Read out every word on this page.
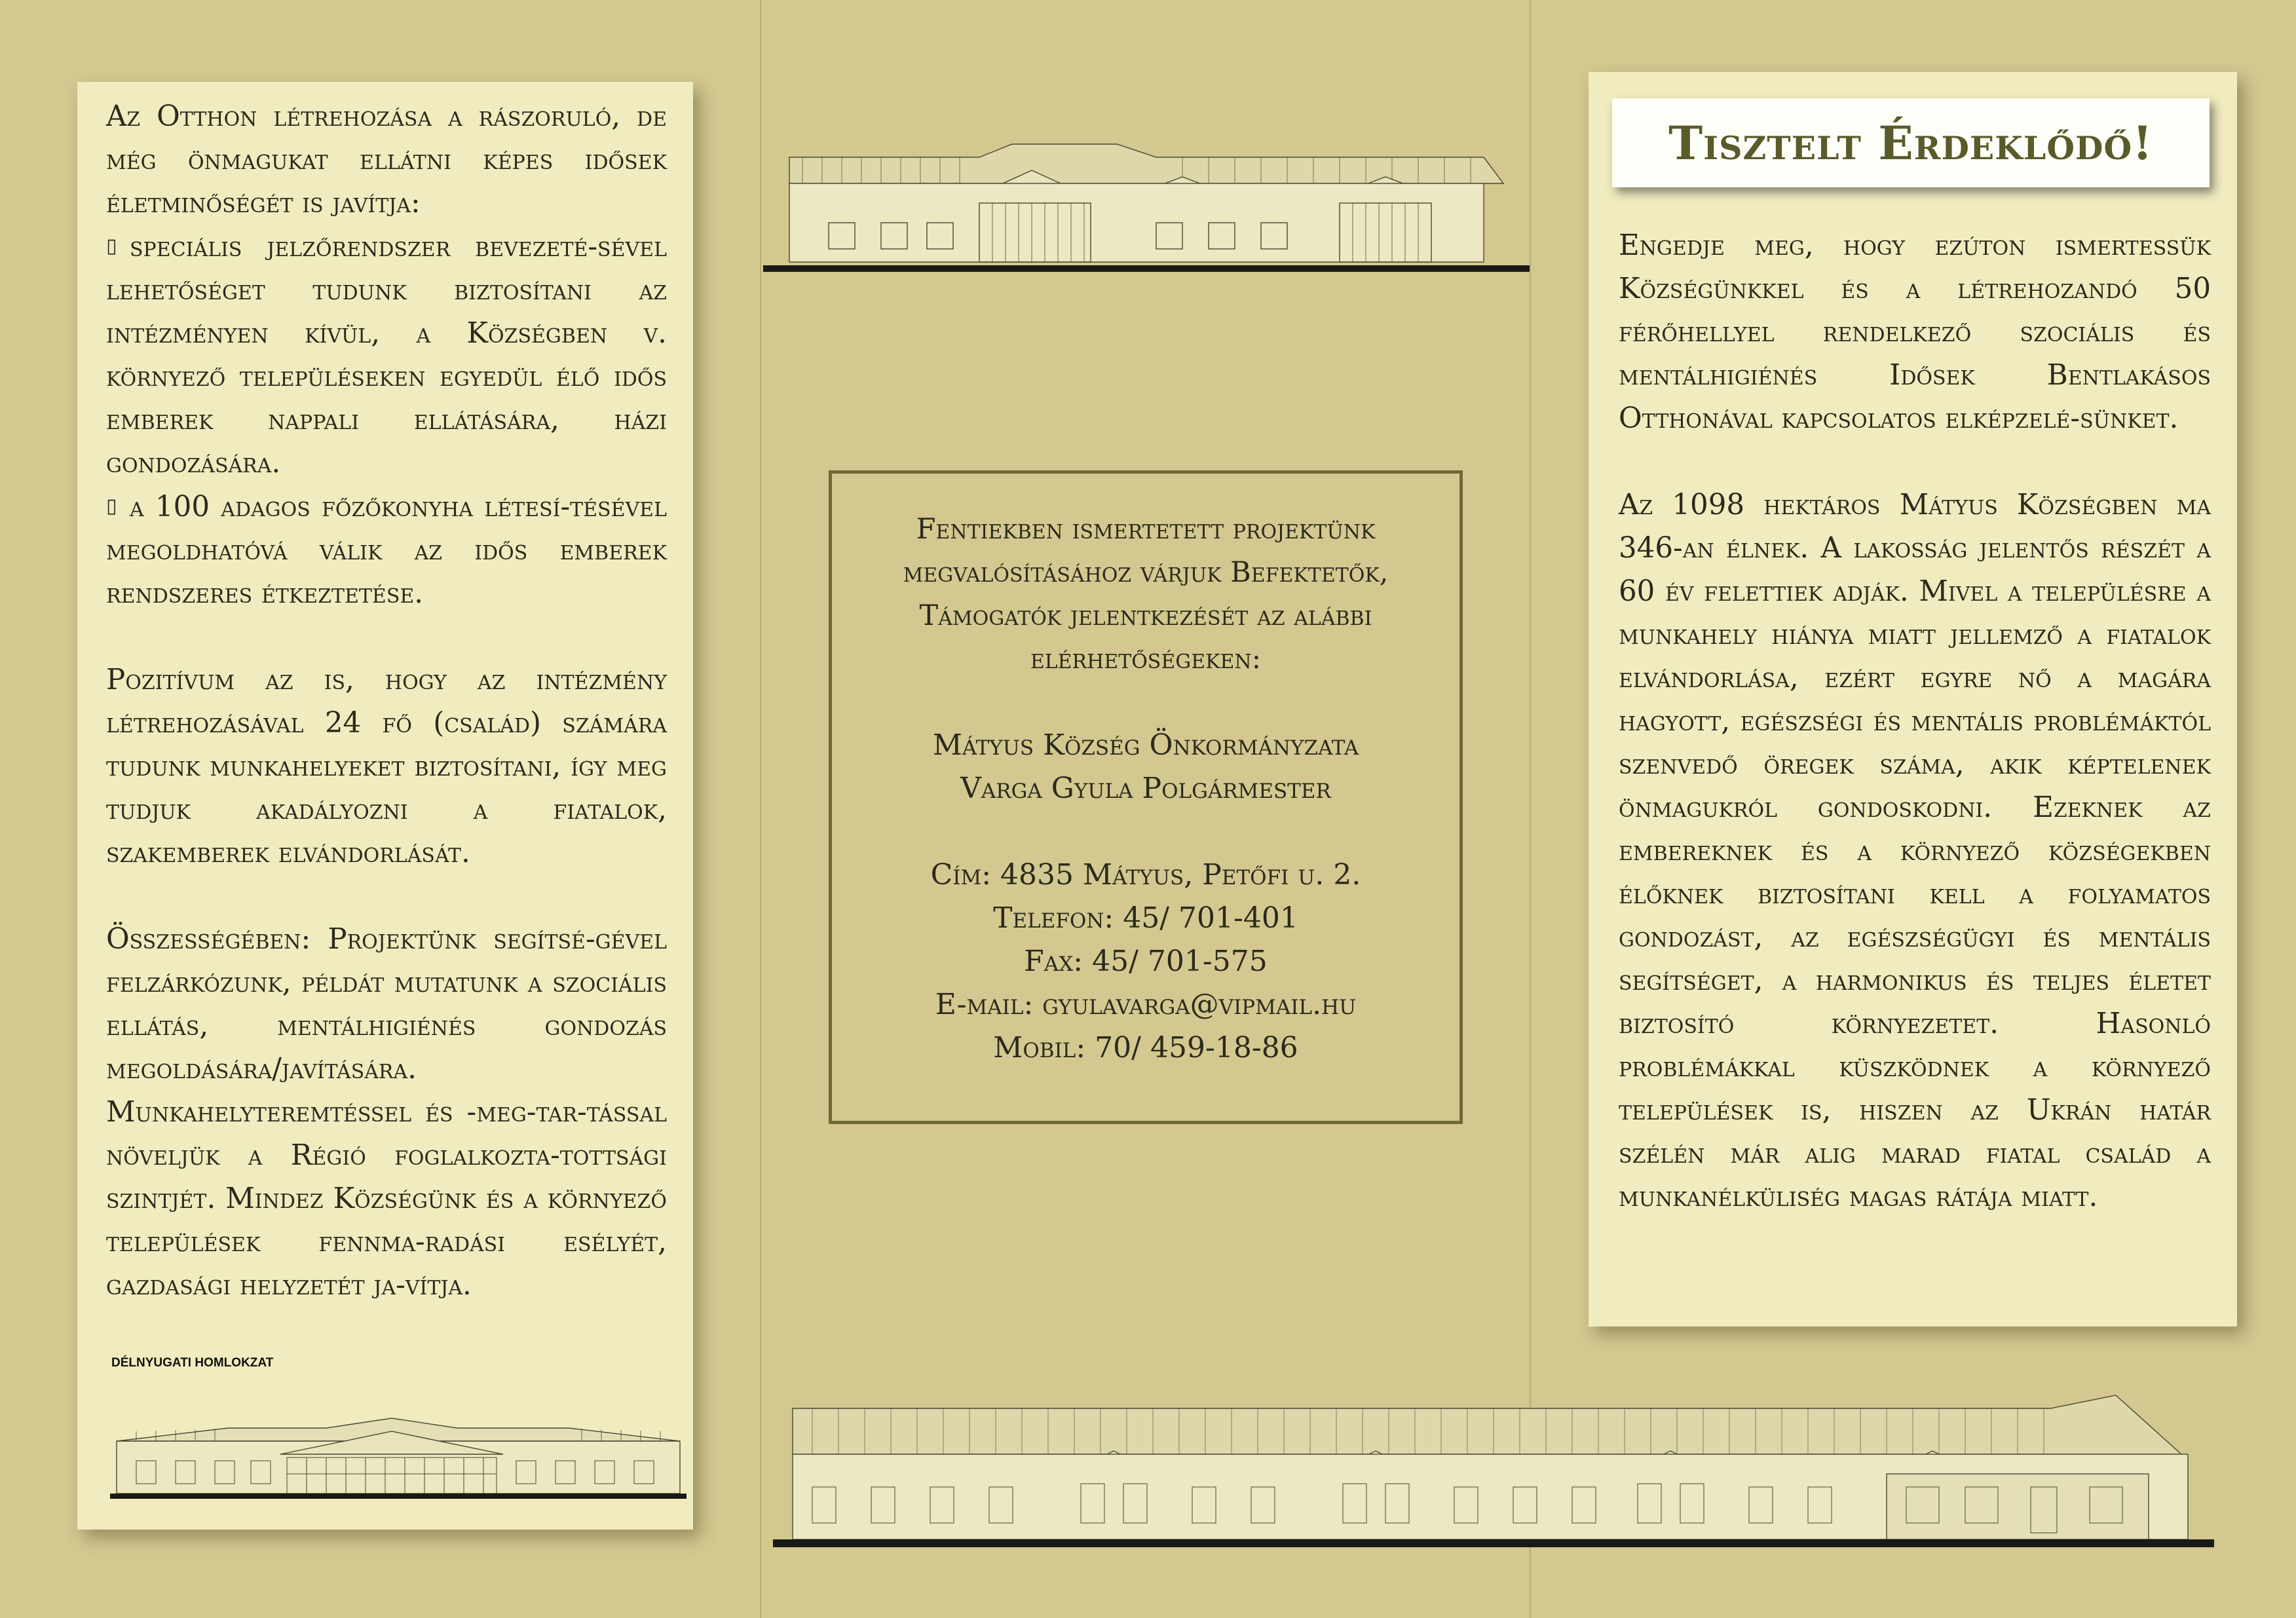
Az Otthon létrehozása a rászoruló, de még önmagukat ellátni képes idősek életminőségét is javítja:

▯ speciális jelzőrendszer bevezeté-sével lehetőséget tudunk biztosítani az intézményen kívül, a Községben v. környező településeken egyedül élő idős emberek nappali ellátására, házi gondozására.

▯ a 100 adagos főzőkonyha létesí-tésével megoldhatóvá válik az idős emberek rendszeres étkeztetése.

Pozitívum az is, hogy az intézmény létrehozásával 24 fő (család) számára tudunk munkahelyeket biztosítani, így meg tudjuk akadályozni a fiatalok, szakemberek elvándorlását.

Összességében: Projektünk segítsé-gével felzárkózunk, példát mutatunk a szociális ellátás, mentálhigiénés gondozás megoldására/javítására. Munkahelyteremtéssel és -meg-tar-tással növeljük a Régió foglalkozta-tottsági szintjét. Mindez Községünk és a környező települések fennma-radási esélyét, gazdasági helyzetét ja-vítja.

DÉLNYUGATI HOMLOKZAT

Fentiekben ismertetett projektünk megvalósításához várjuk Befektetők, Támogatók jelentkezését az alábbi elérhetőségeken:

Mátyus Község Önkormányzata
Varga Gyula Polgármester
Cím: 4835 Mátyus, Petőfi u. 2.
Telefon: 45/ 701-401
Fax: 45/ 701-575
E-mail: gyulavarga@vipmail.hu
Mobil: 70/ 459-18-86
Tisztelt Érdeklődő!

Engedje meg, hogy ezúton ismertessük Községünkkel és a létrehozandó 50 férőhellyel rendelkező szociális és mentálhigiénés Idősek Bentlakásos Otthonával kapcsolatos elképzelé-sünket.

Az 1098 hektáros Mátyus Községben ma 346-an élnek. A lakosság jelentős részét a 60 év felettiek adják. Mivel a településre a munkahely hiánya miatt jellemző a fiatalok elvándorlása, ezért egyre nő a magára hagyott, egészségi és mentális problémáktól szenvedő öregek száma, akik képtelenek önmagukról gondoskodni. Ezeknek az embereknek és a környező községekben élőknek biztosítani kell a folyamatos gondozást, az egészségügyi és mentális segítséget, a harmonikus és teljes életet biztosító környezetet. Hasonló problémákkal küszködnek a környező települések is, hiszen az Ukrán határ szélén már alig marad fiatal család a munkanélküliség magas rátája miatt.
